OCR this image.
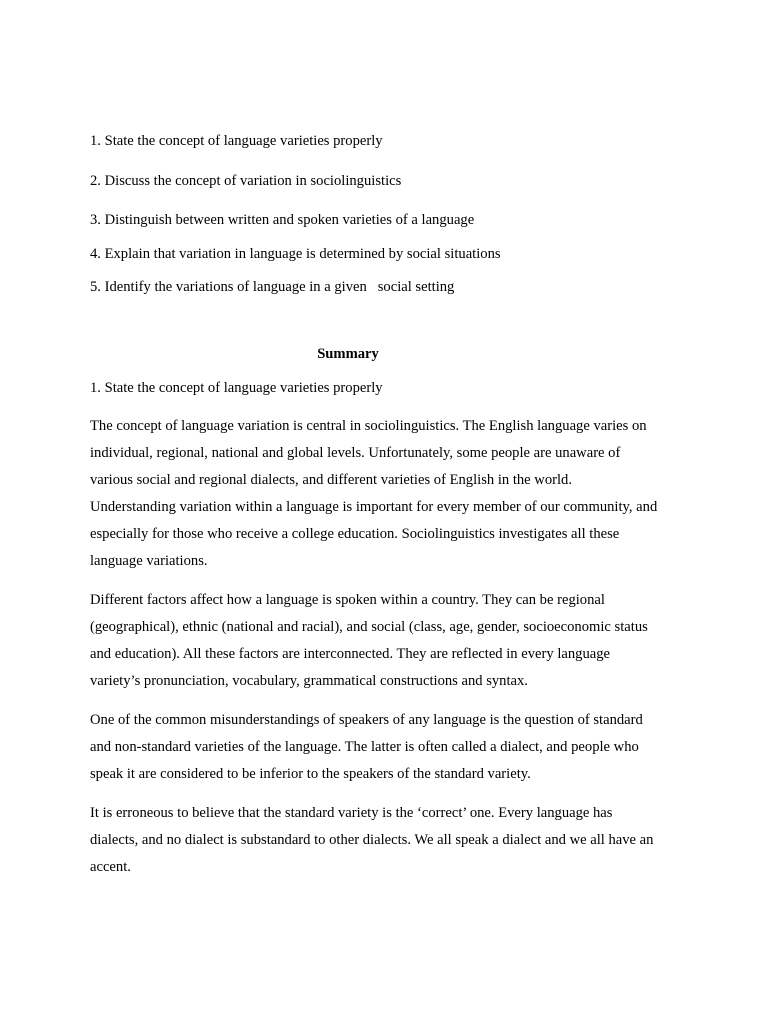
1. State the concept of language varieties properly

2. Discuss the concept of variation in sociolinguistics

3. Distinguish between written and spoken varieties of a language

4. Explain that variation in language is determined by social situations

5. Identify the variations of language in a given   social setting

Summary

1. State the concept of language varieties properly

The concept of language variation is central in sociolinguistics. The English language varies on
individual, regional, national and global levels. Unfortunately, some people are unaware of
various social and regional dialects, and different varieties of English in the world.
Understanding variation within a language is important for every member of our community, and
especially for those who receive a college education. Sociolinguistics investigates all these
language variations.
Different factors affect how a language is spoken within a country. They can be regional
(geographical), ethnic (national and racial), and social (class, age, gender, socioeconomic status
and education). All these factors are interconnected. They are reflected in every language
variety’s pronunciation, vocabulary, grammatical constructions and syntax.
One of the common misunderstandings of speakers of any language is the question of standard
and non-standard varieties of the language. The latter is often called a dialect, and people who
speak it are considered to be inferior to the speakers of the standard variety.
It is erroneous to believe that the standard variety is the ‘correct’ one. Every language has
dialects, and no dialect is substandard to other dialects. We all speak a dialect and we all have an
accent.
